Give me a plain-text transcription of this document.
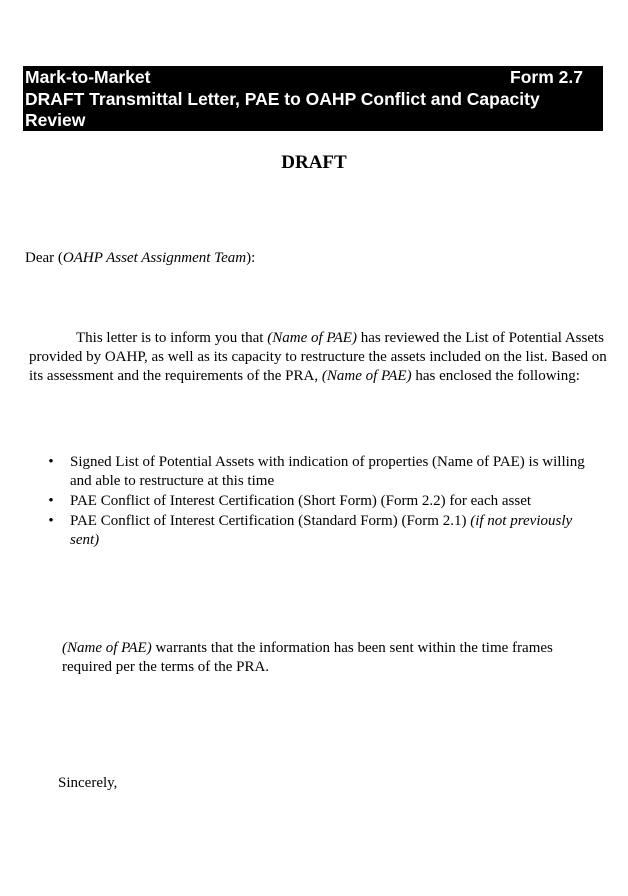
Mark-to-Market	Form 2.7
DRAFT Transmittal Letter, PAE to OAHP Conflict and Capacity
Review
DRAFT
Dear (OAHP Asset Assignment Team):
This letter is to inform you that (Name of PAE) has reviewed the List of Potential Assets provided by OAHP, as well as its capacity to restructure the assets included on the list. Based on its assessment and the requirements of the PRA, (Name of PAE) has enclosed the following:
• Signed List of Potential Assets with indication of properties (Name of PAE) is willing and able to restructure at this time
• PAE Conflict of Interest Certification (Short Form) (Form 2.2) for each asset
• PAE Conflict of Interest Certification (Standard Form) (Form 2.1) (if not previously sent)
(Name of PAE) warrants that the information has been sent within the time frames required per the terms of the PRA.
Sincerely,
